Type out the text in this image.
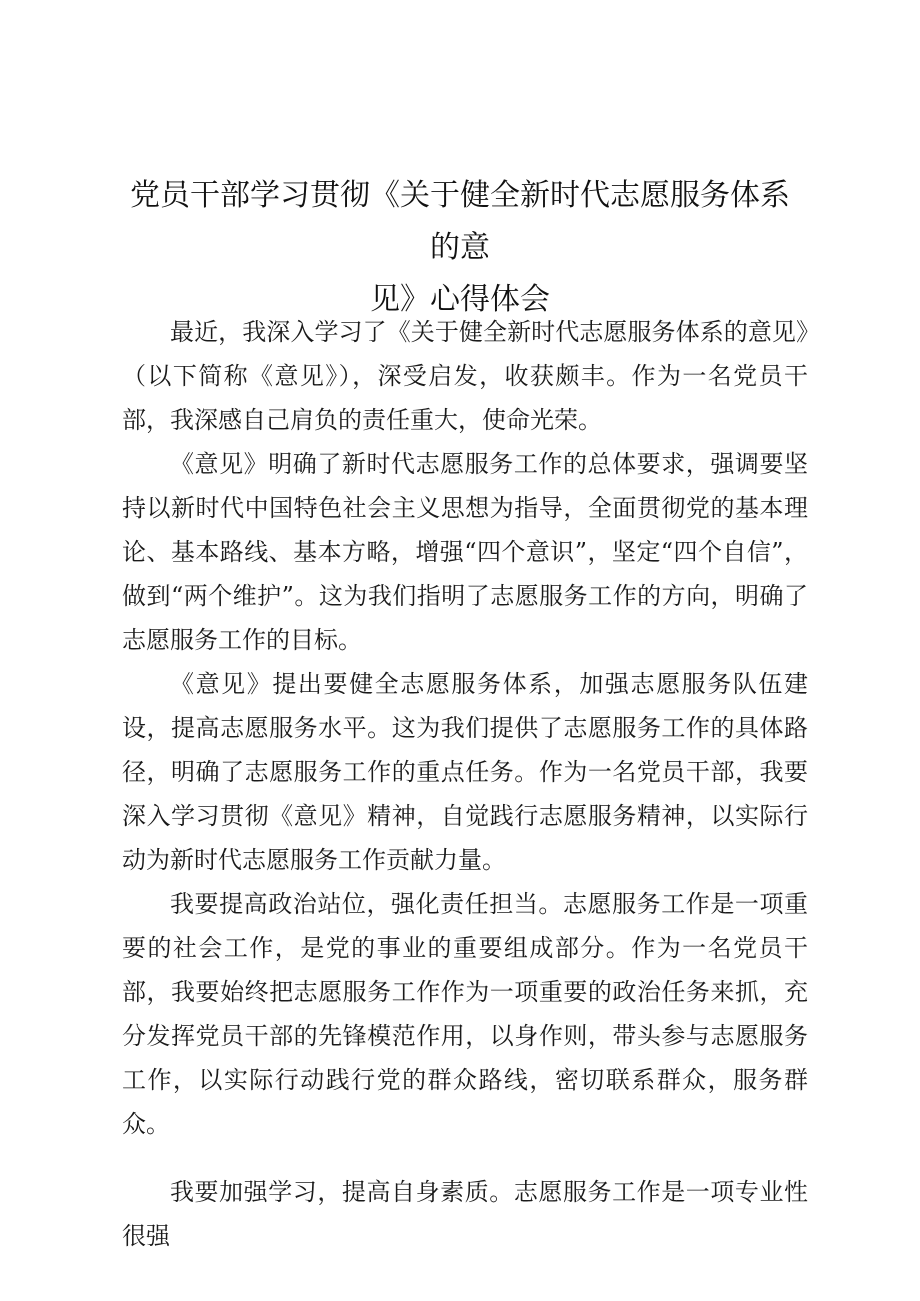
党员干部学习贯彻《关于健全新时代志愿服务体系的意
见》心得体会

最近，我深入学习了《关于健全新时代志愿服务体系的意见》（以下简称《意见》），深受启发，收获颇丰。作为一名党员干部，我深感自己肩负的责任重大，使命光荣。

《意见》明确了新时代志愿服务工作的总体要求，强调要坚持以新时代中国特色社会主义思想为指导，全面贯彻党的基本理论、基本路线、基本方略，增强“四个意识”，坚定“四个自信”，做到“两个维护”。这为我们指明了志愿服务工作的方向，明确了志愿服务工作的目标。

《意见》提出要健全志愿服务体系，加强志愿服务队伍建设，提高志愿服务水平。这为我们提供了志愿服务工作的具体路径，明确了志愿服务工作的重点任务。作为一名党员干部，我要深入学习贯彻《意见》精神，自觉践行志愿服务精神，以实际行动为新时代志愿服务工作贡献力量。

我要提高政治站位，强化责任担当。志愿服务工作是一项重要的社会工作，是党的事业的重要组成部分。作为一名党员干部，我要始终把志愿服务工作作为一项重要的政治任务来抓，充分发挥党员干部的先锋模范作用，以身作则，带头参与志愿服务工作，以实际行动践行党的群众路线，密切联系群众，服务群众。

我要加强学习，提高自身素质。志愿服务工作是一项专业性很强
